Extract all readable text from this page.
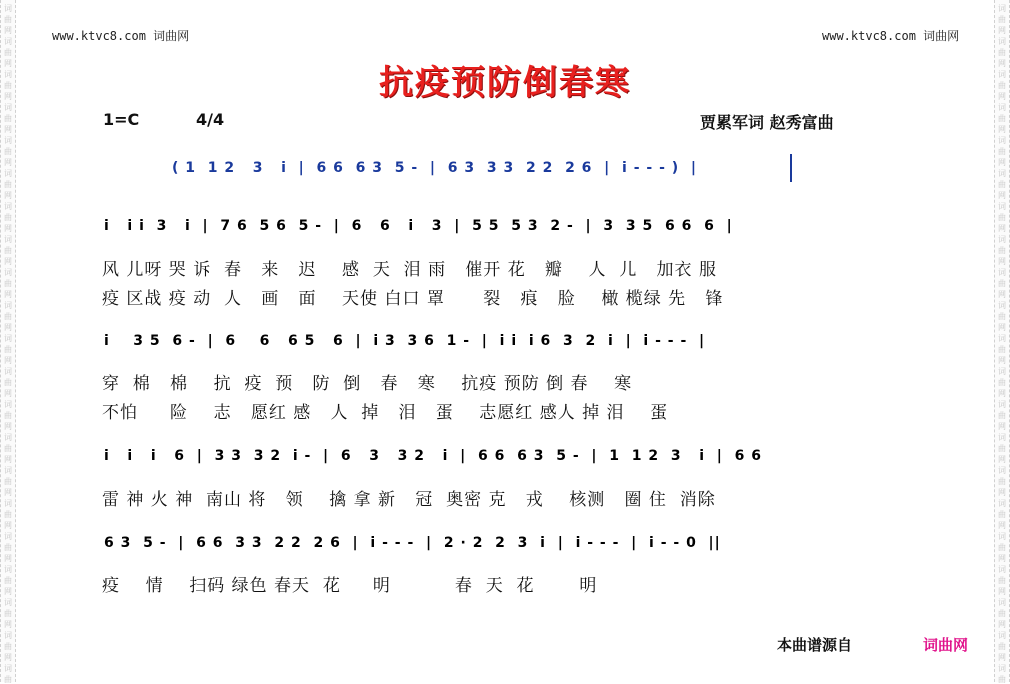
词
曲
网
词
曲
网
词
曲
网
词
曲
网
词
曲
网
词
曲
网
词
曲
网
词
曲
网
词
曲
网
词
曲
网
词
曲
网
词
曲
网
词
曲
网
词
曲
网
词
曲
网
词
曲
网
词
曲
网
词
曲
网
词
曲
网
词
曲
网
词
曲
词
曲
网
词
曲
网
词
曲
网
词
曲
网
词
曲
网
词
曲
网
词
曲
网
词
曲
网
词
曲
网
词
曲
网
词
曲
网
词
曲
网
词
曲
网
词
曲
网
词
曲
网
词
曲
网
词
曲
网
词
曲
网
词
曲
网
词
曲
网
词
曲
www.ktvc8.com 词曲网	www.ktvc8.com 词曲网
抗疫预防倒春寒
1=C	4/4	贾累军词 赵秀富曲
( 1  1 2   3   i  |  6 6  6 3  5 -  |  6 3  3 3  2 2  2 6  |  i - - - )  |
i   i i  3   i  |  7 6  5 6  5 -  |  6   6   i   3  |  5 5  5 3  2 -  |  3  3 5  6 6  6  |
风 儿呀 哭 诉  春   来   迟    感  天  泪 雨   催开 花   瓣    人  儿   加衣 服
疫 区战 疫 动  人   画   面    天使 白口 罩      裂   痕   脸    橄 榄绿 先   锋
i    3 5  6 -  |  6    6   6 5   6  |  i 3  3 6  1 -  |  i i  i 6  3  2  i  |  i - - -  |
穿  棉   棉    抗  疫  预   防  倒   春   寒    抗疫 预防 倒 春    寒
不怕     险    志   愿红 感   人  掉   泪   蛋    志愿红 感人 掉 泪    蛋
i   i   i   6  |  3 3  3 2  i -  |  6   3   3 2   i  |  6 6  6 3  5 -  |  1  1 2  3   i  |  6 6
雷 神 火 神  南山 将   领    擒 拿 新   冠  奥密 克   戎    核测   圈 住  消除
6 3  5 -  |  6 6  3 3  2 2  2 6  |  i - - -  |  2 · 2  2  3  i  |  i - - -  |  i - - 0  ||
疫    情    扫码 绿色 春天  花     明          春  天  花       明
本曲谱源自	词曲网
